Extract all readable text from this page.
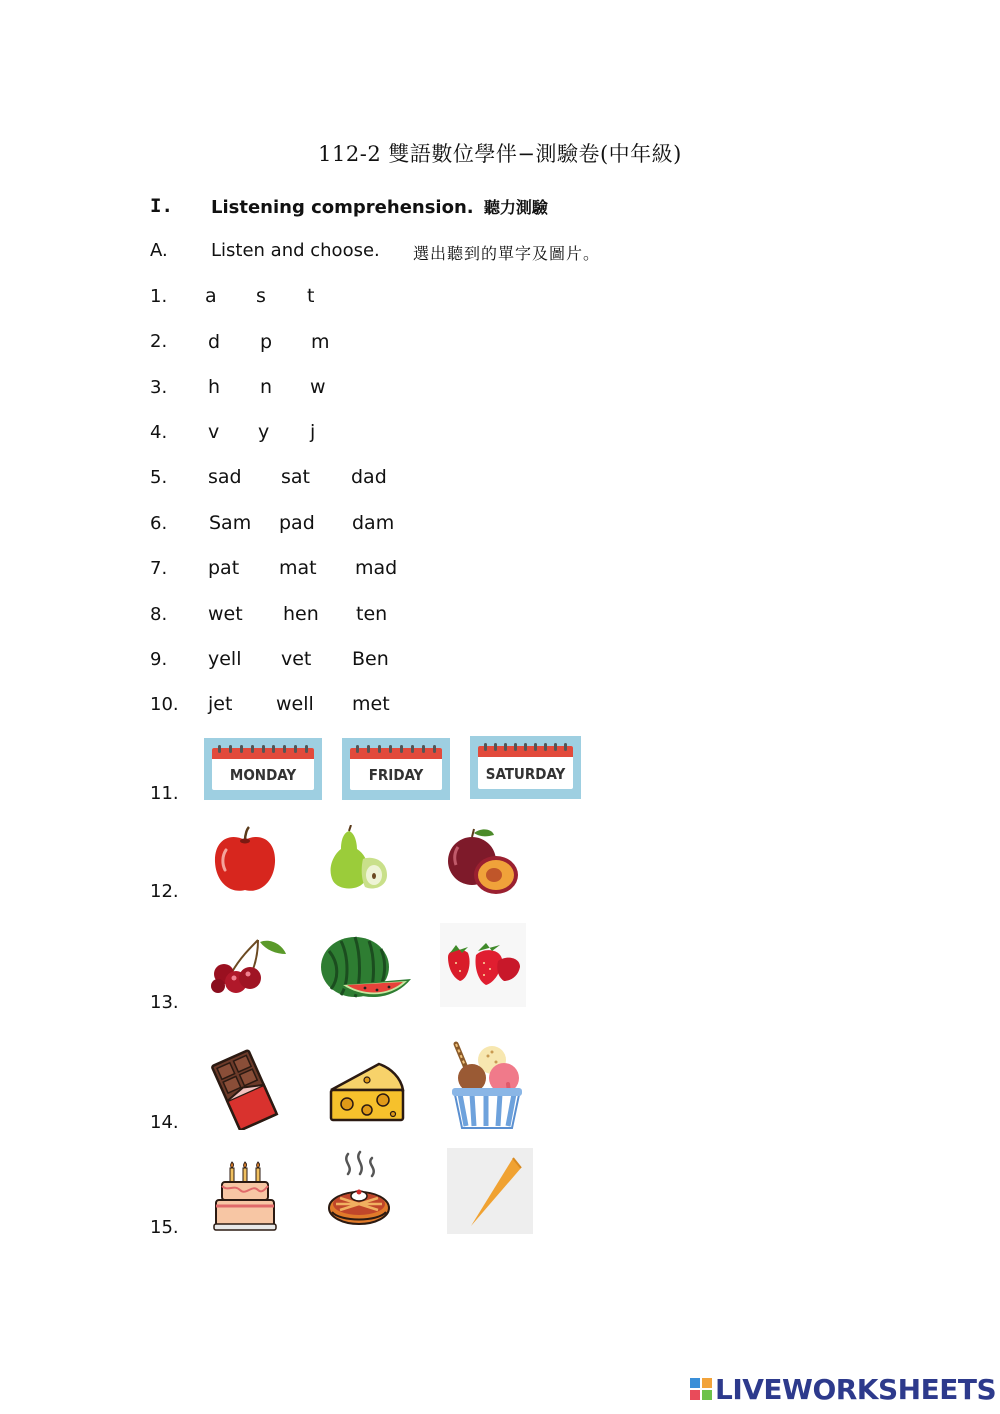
112-2 雙語數位學伴−測驗卷(中年級)
I. Listening comprehension. 聽力測驗
A. Listen and choose. 選出聽到的單字及圖片。
1. a s t
2. d p m
3. h n w
4. v y j
5. sad sat dad
6. Sam pad dam
7. pat mat mad
8. wet hen ten
9. yell vet Ben
10. jet well met
11.
MONDAY	FRIDAY	SATURDAY
12.
13.
14.
15.
LIVEWORKSHEETS
